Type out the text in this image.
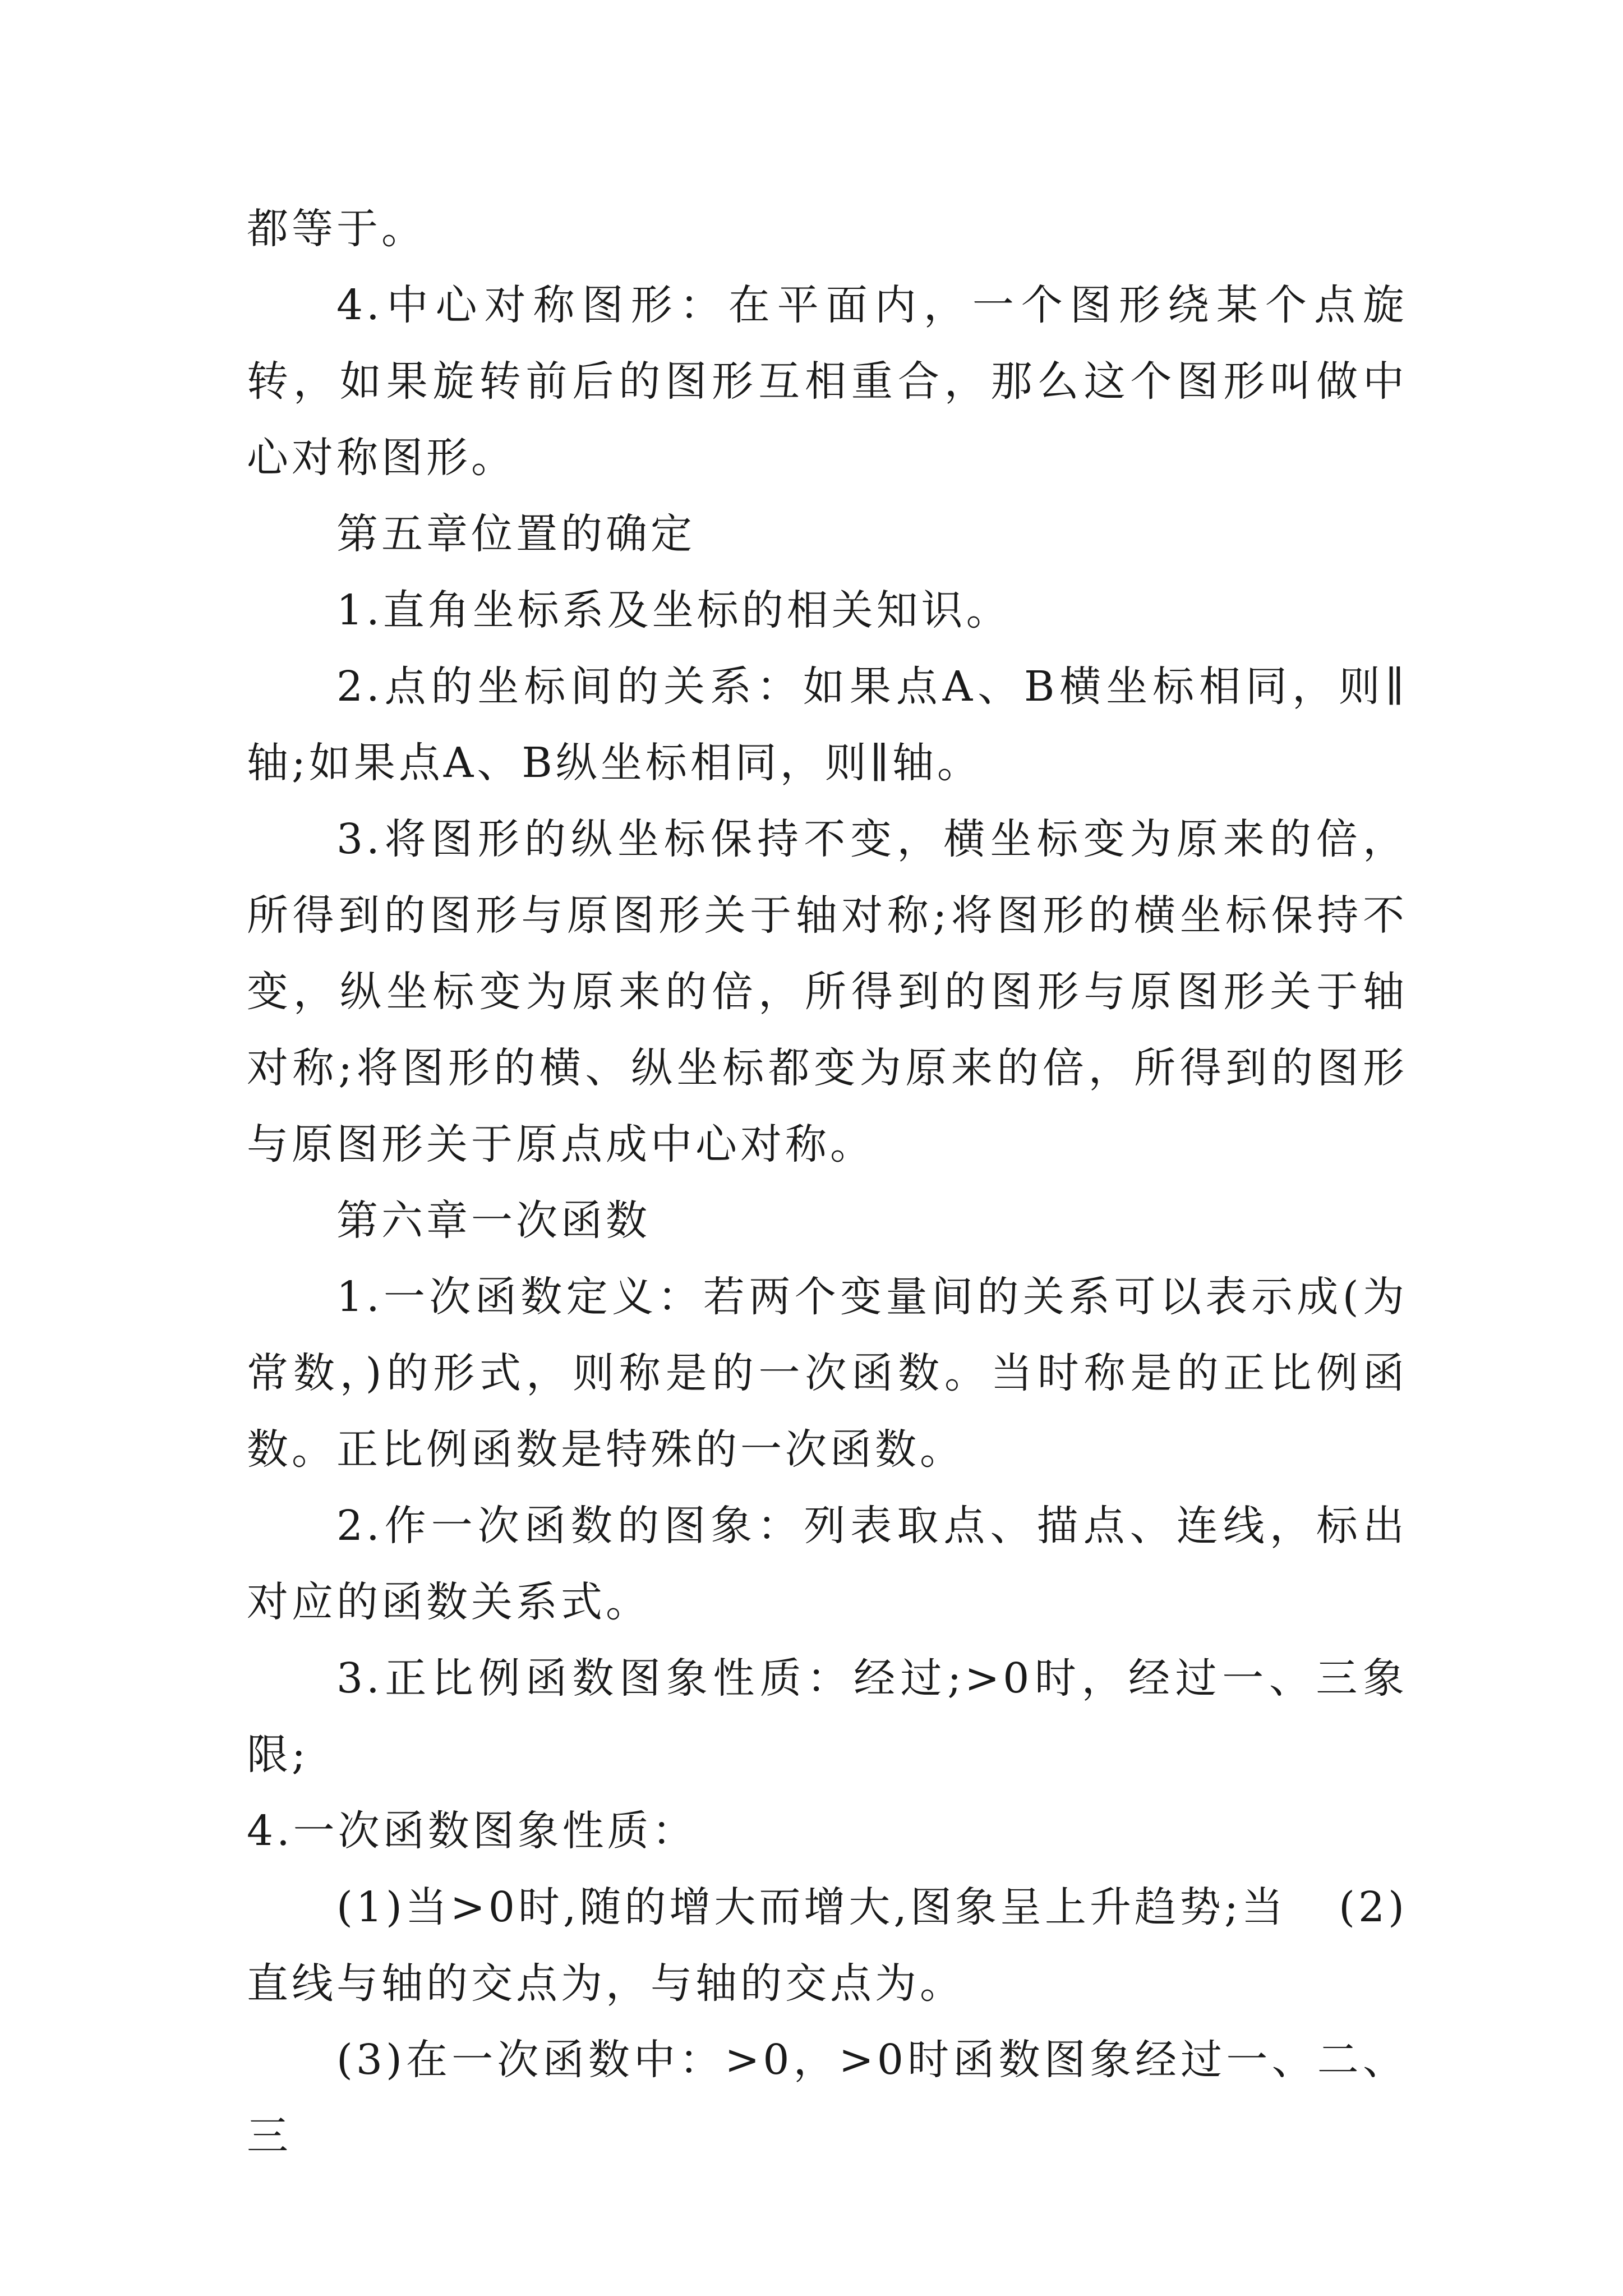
都等于。

4.中心对称图形：在平面内，一个图形绕某个点旋转，如果旋转前后的图形互相重合，那么这个图形叫做中心对称图形。

第五章位置的确定

1.直角坐标系及坐标的相关知识。

2.点的坐标间的关系：如果点A、B横坐标相同，则∥轴;如果点A、B纵坐标相同，则∥轴。

3.将图形的纵坐标保持不变，横坐标变为原来的倍，所得到的图形与原图形关于轴对称;将图形的横坐标保持不变，纵坐标变为原来的倍，所得到的图形与原图形关于轴对称;将图形的横、纵坐标都变为原来的倍，所得到的图形与原图形关于原点成中心对称。

第六章一次函数

1.一次函数定义：若两个变量间的关系可以表示成(为常数，)的形式，则称是的一次函数。当时称是的正比例函数。正比例函数是特殊的一次函数。

2.作一次函数的图象：列表取点、描点、连线，标出对应的函数关系式。

3.正比例函数图象性质：经过;>0时，经过一、三象限;

4.一次函数图象性质：

(1)当>0时,随的增大而增大,图象呈上升趋势;当 (2)

直线与轴的交点为，与轴的交点为。

(3)在一次函数中：>0，>0时函数图象经过一、二、三
